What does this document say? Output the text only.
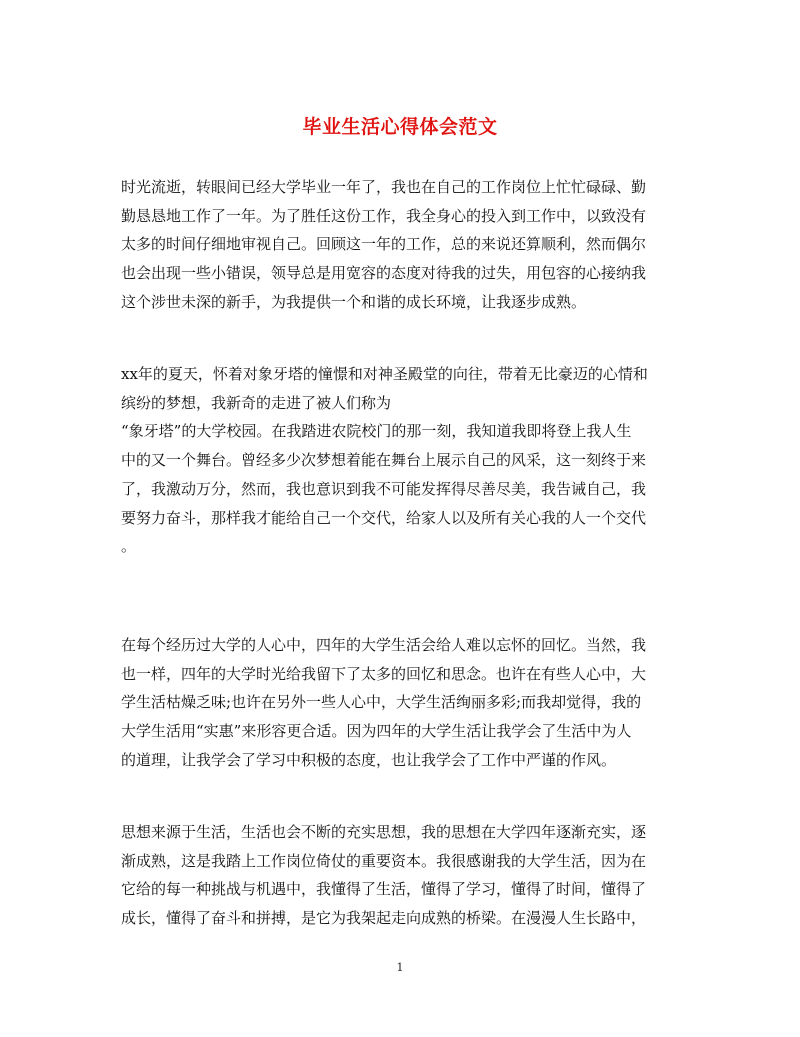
毕业生活心得体会范文
时光流逝，转眼间已经大学毕业一年了，我也在自己的工作岗位上忙忙碌碌、勤
勤恳恳地工作了一年。为了胜任这份工作，我全身心的投入到工作中，以致没有
太多的时间仔细地审视自己。回顾这一年的工作，总的来说还算顺利，然而偶尔
也会出现一些小错误，领导总是用宽容的态度对待我的过失，用包容的心接纳我
这个涉世未深的新手，为我提供一个和谐的成长环境，让我逐步成熟。
xx年的夏天，怀着对象牙塔的憧憬和对神圣殿堂的向往，带着无比豪迈的心情和
缤纷的梦想，我新奇的走进了被人们称为
“象牙塔”的大学校园。在我踏进农院校门的那一刻，我知道我即将登上我人生
中的又一个舞台。曾经多少次梦想着能在舞台上展示自己的风采，这一刻终于来
了，我激动万分，然而，我也意识到我不可能发挥得尽善尽美，我告诫自己，我
要努力奋斗，那样我才能给自己一个交代，给家人以及所有关心我的人一个交代
。
在每个经历过大学的人心中，四年的大学生活会给人难以忘怀的回忆。当然，我
也一样，四年的大学时光给我留下了太多的回忆和思念。也许在有些人心中，大
学生活枯燥乏味;也许在另外一些人心中，大学生活绚丽多彩;而我却觉得，我的
大学生活用“实惠”来形容更合适。因为四年的大学生活让我学会了生活中为人
的道理，让我学会了学习中积极的态度，也让我学会了工作中严谨的作风。
思想来源于生活，生活也会不断的充实思想，我的思想在大学四年逐渐充实，逐
渐成熟，这是我踏上工作岗位倚仗的重要资本。我很感谢我的大学生活，因为在
它给的每一种挑战与机遇中，我懂得了生活，懂得了学习，懂得了时间，懂得了
成长，懂得了奋斗和拼搏，是它为我架起走向成熟的桥梁。在漫漫人生长路中，
1
